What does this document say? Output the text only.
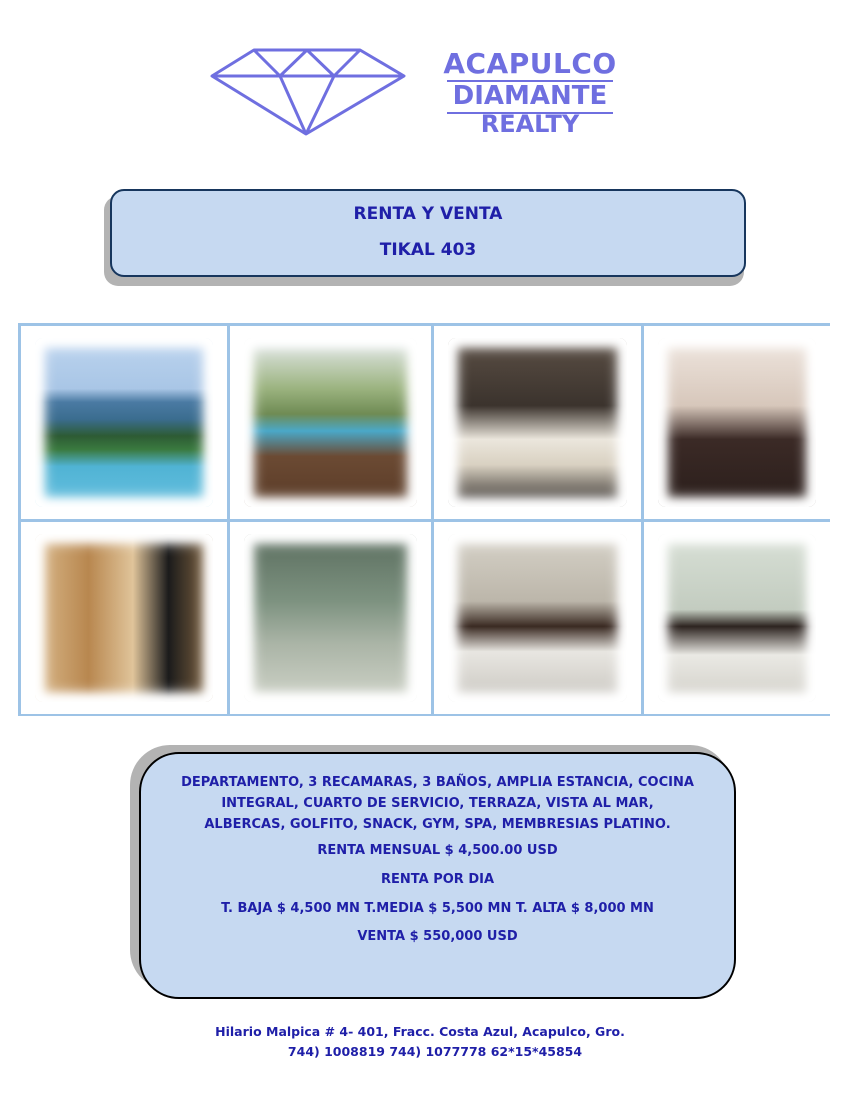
ACAPULCO
DIAMANTE
REALTY
RENTA Y VENTA
TIKAL 403
DEPARTAMENTO, 3 RECAMARAS, 3 BAÑOS, AMPLIA ESTANCIA, COCINA INTEGRAL, CUARTO DE SERVICIO, TERRAZA, VISTA AL MAR, ALBERCAS, GOLFITO, SNACK, GYM, SPA, MEMBRESIAS PLATINO.
RENTA MENSUAL $ 4,500.00 USD
RENTA POR DIA
T. BAJA $ 4,500 MN T.MEDIA $ 5,500 MN T. ALTA $ 8,000 MN
VENTA $ 550,000 USD
Hilario Malpica # 4- 401, Fracc. Costa Azul, Acapulco, Gro.
744) 1008819 744) 1077778 62*15*45854
